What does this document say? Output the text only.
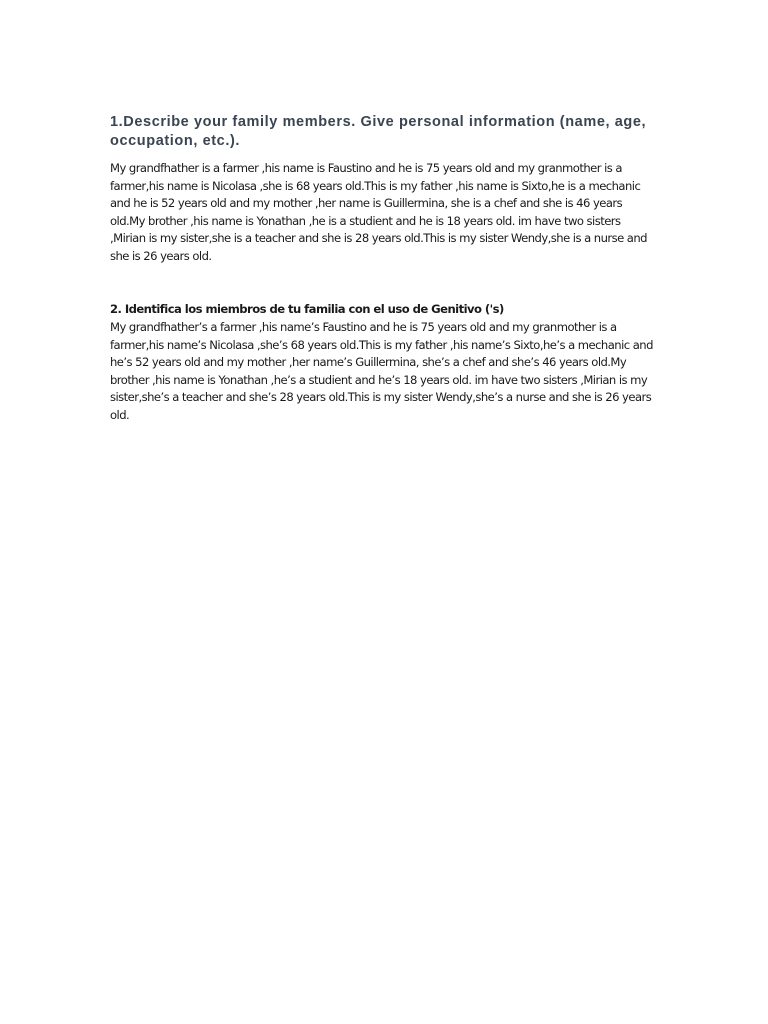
1.Describe your family members. Give personal information (name, age, occupation, etc.).

My grandfhather is a farmer ,his name is Faustino and he is 75 years old and my granmother is a farmer,his name is Nicolasa ,she is 68 years old.This is my father ,his name is Sixto,he is a mechanic and he is 52 years old and my mother ,her name is Guillermina, she is a chef and she is 46 years old.My brother ,his name is Yonathan ,he is a studient and he is 18 years old. im have two sisters ,Mirian is my sister,she is a teacher and she is 28 years old.This is my sister Wendy,she is a nurse and she is 26 years old.

2. Identifica los miembros de tu familia con el uso de Genitivo ('s)

My grandfhather’s a farmer ,his name’s Faustino and he is 75 years old and my granmother is a farmer,his name’s Nicolasa ,she’s 68 years old.This is my father ,his name’s Sixto,he’s a mechanic and he’s 52 years old and my mother ,her name’s Guillermina, she’s a chef and she’s 46 years old.My brother ,his name is Yonathan ,he’s a studient and he’s 18 years old. im have two sisters ,Mirian is my sister,she’s a teacher and she’s 28 years old.This is my sister Wendy,she’s a nurse and she is 26 years old.
